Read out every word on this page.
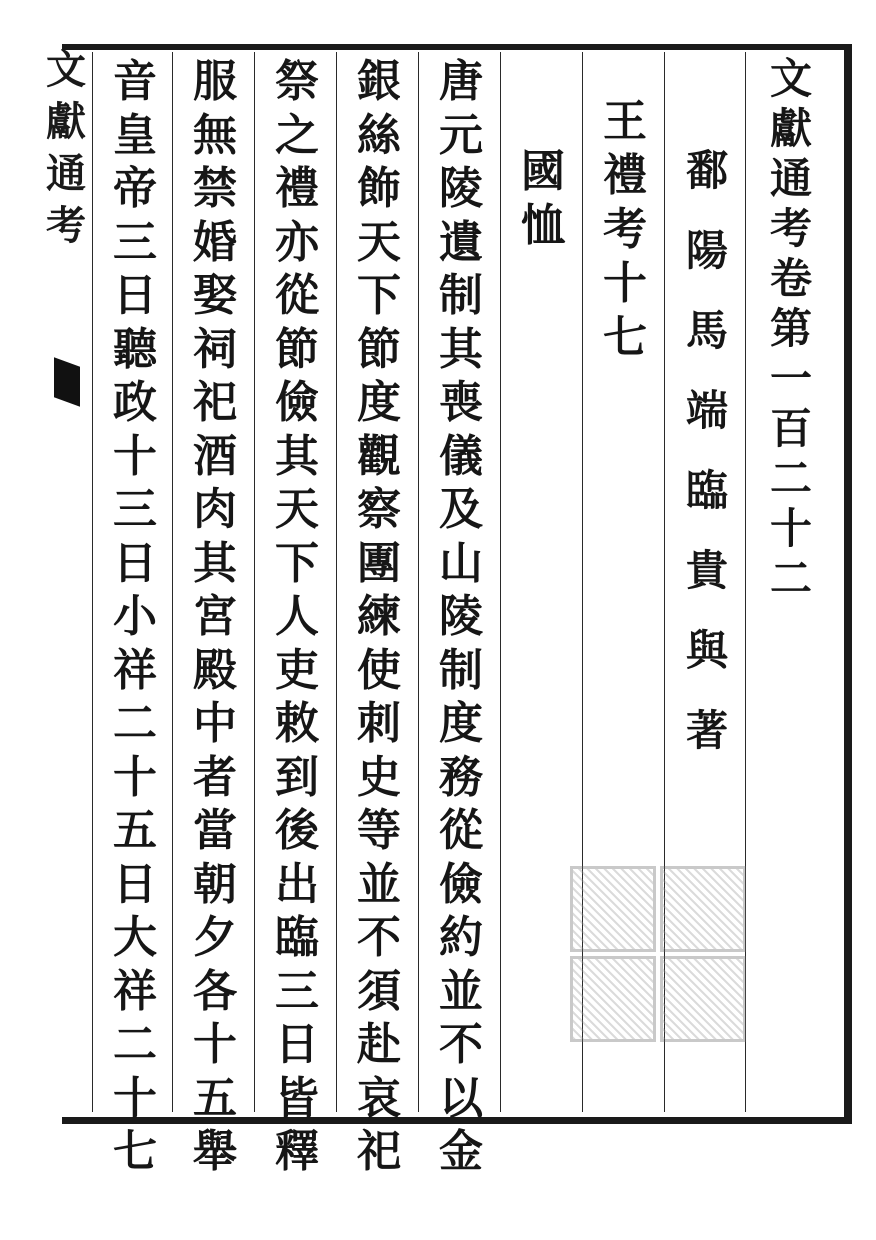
文
獻
通
考
卷
第
一
百
二
十
二
鄱
陽
馬
端
臨
貴
與
著
王
禮
考
十
七
國
恤
唐
元
陵
遺
制
其
喪
儀
及
山
陵
制
度
務
從
儉
約
並
不
以
金
銀
絲
飾
天
下
節
度
觀
察
團
練
使
刺
史
等
並
不
須
赴
哀
祀
祭
之
禮
亦
從
節
儉
其
天
下
人
吏
敕
到
後
出
臨
三
日
皆
釋
服
無
禁
婚
娶
祠
祀
酒
肉
其
宮
殿
中
者
當
朝
夕
各
十
五
舉
音
皇
帝
三
日
聽
政
十
三
日
小
祥
二
十
五
日
大
祥
二
十
七
文
獻
通
考
